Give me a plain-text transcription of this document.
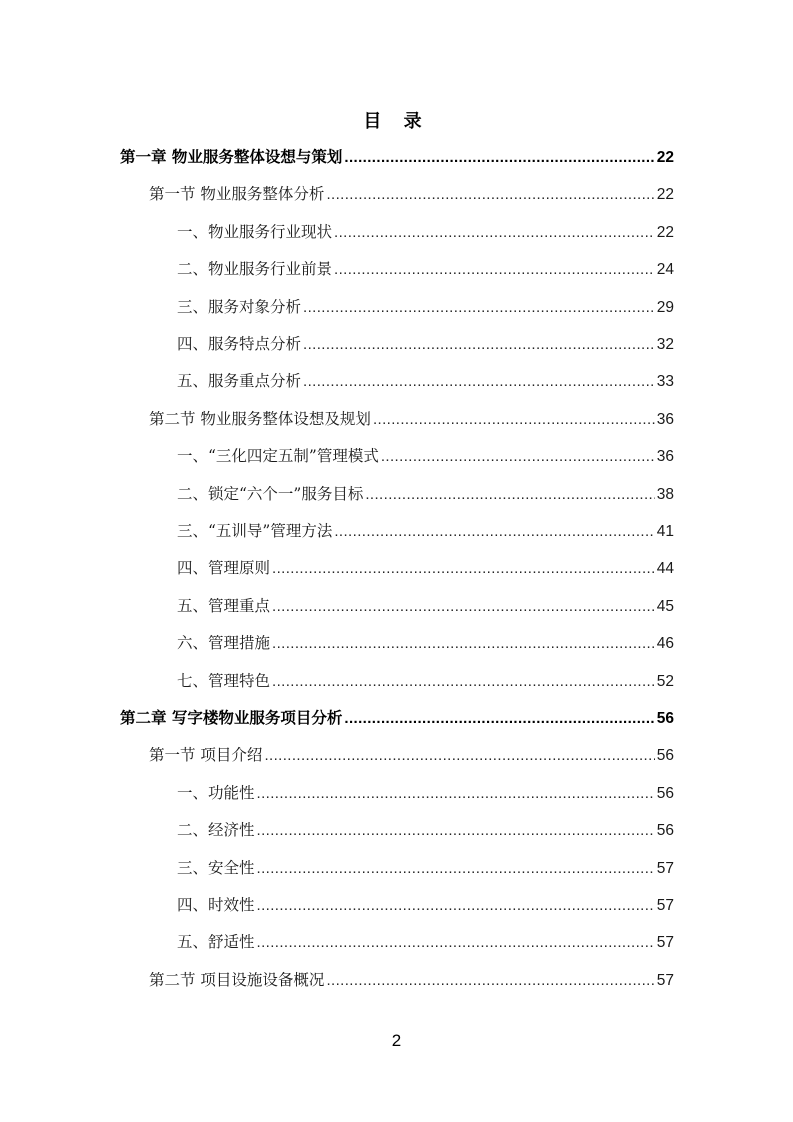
目 录
第一章 物业服务整体设想与策划 .....	22
第一节 物业服务整体分析 .....	22
一、物业服务行业现状 .....	22
二、物业服务行业前景 .....	24
三、服务对象分析 .....	29
四、服务特点分析 .....	32
五、服务重点分析 .....	33
第二节 物业服务整体设想及规划 .....	36
一、“三化四定五制”管理模式 .....	36
二、锁定“六个一”服务目标 .....	38
三、“五训导”管理方法 .....	41
四、管理原则 .....	44
五、管理重点 .....	45
六、管理措施 .....	46
七、管理特色 .....	52
第二章 写字楼物业服务项目分析 .....	56
第一节 项目介绍 .....	56
一、功能性 .....	56
二、经济性 .....	56
三、安全性 .....	57
四、时效性 .....	57
五、舒适性 .....	57
第二节 项目设施设备概况 .....	57
2
